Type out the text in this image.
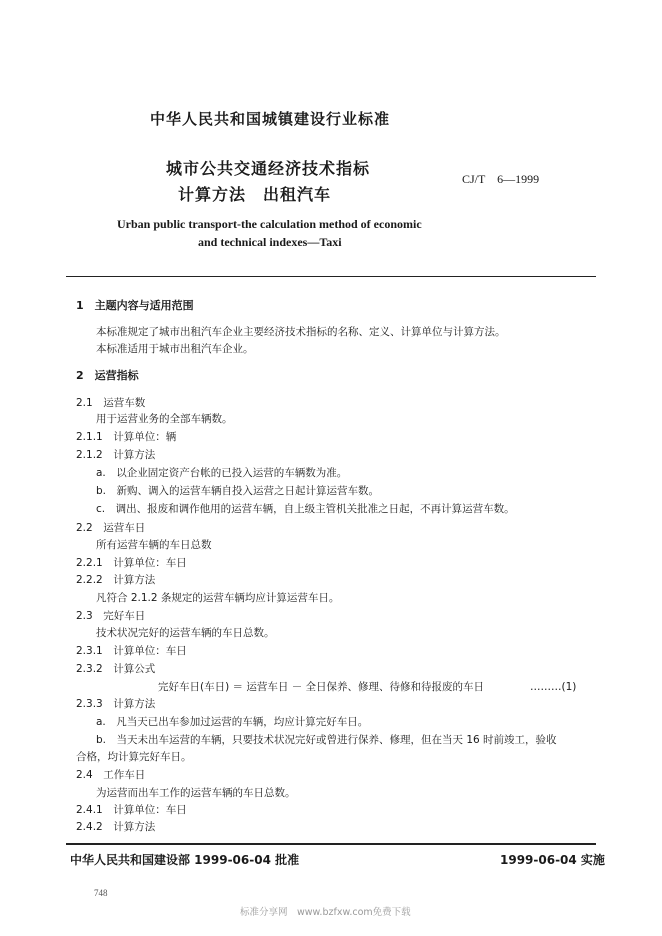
中华人民共和国城镇建设行业标准
城市公共交通经济技术指标
计算方法　出租汽车
CJ/T　6—1999
Urban public transport-the calculation method of economic
and technical indexes—Taxi
1　主题内容与适用范围
本标准规定了城市出租汽车企业主要经济技术指标的名称、定义、计算单位与计算方法。
本标准适用于城市出租汽车企业。
2　运营指标
2.1　运营车数
用于运营业务的全部车辆数。
2.1.1　计算单位：辆
2.1.2　计算方法
a.　以企业固定资产台帐的已投入运营的车辆数为准。
b.　新购、调入的运营车辆自投入运营之日起计算运营车数。
c.　调出、报废和调作他用的运营车辆，自上级主管机关批准之日起，不再计算运营车数。
2.2　运营车日
所有运营车辆的车日总数
2.2.1　计算单位：车日
2.2.2　计算方法
凡符合 2.1.2 条规定的运营车辆均应计算运营车日。
2.3　完好车日
技术状况完好的运营车辆的车日总数。
2.3.1　计算单位：车日
2.3.2　计算公式
完好车日(车日) ＝ 运营车日 － 全日保养、修理、待修和待报废的车日	………(1)
2.3.3　计算方法
a.　凡当天已出车参加过运营的车辆，均应计算完好车日。
b.　当天未出车运营的车辆，只要技术状况完好或曾进行保养、修理，但在当天 16 时前竣工，验收
合格，均计算完好车日。
2.4　工作车日
为运营而出车工作的运营车辆的车日总数。
2.4.1　计算单位：车日
2.4.2　计算方法
中华人民共和国建设部 1999-06-04 批准	1999-06-04 实施
748
标准分享网　www.bzfxw.com免费下载
